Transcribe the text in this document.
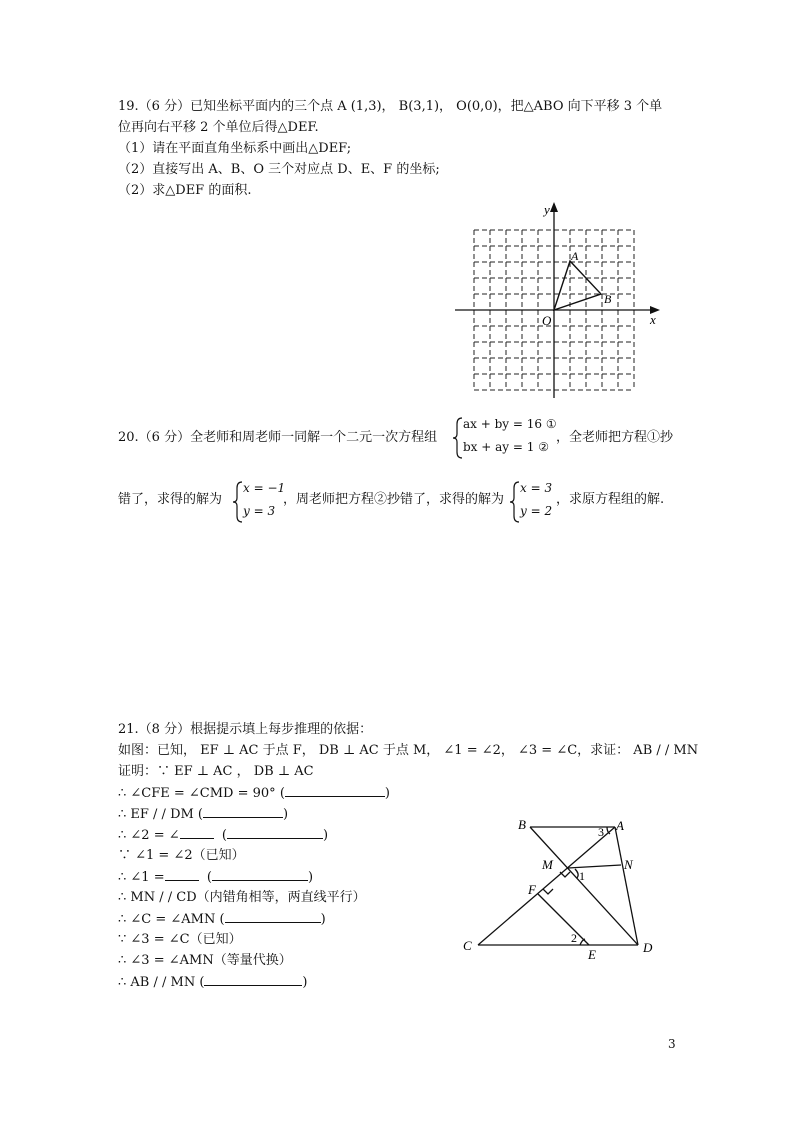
19.（6 分）已知坐标平面内的三个点 A (1,3)， B(3,1)， O(0,0)，把△ABO 向下平移 3 个单
位再向右平移 2 个单位后得△DEF.
（1）请在平面直角坐标系中画出△DEF;
（2）直接写出 A、B、O 三个对应点 D、E、F 的坐标;
（2）求△DEF 的面积.
y
x
O
A
B
20.（6 分）全老师和周老师一同解一个二元一次方程组
ax + by = 16 ①
bx + ay = 1 ②
，全老师把方程①抄
错了，求得的解为
x = −1
y = 3
，周老师把方程②抄错了，求得的解为
x = 3
y = 2
，求原方程组的解.
21.（8 分）根据提示填上每步推理的依据：
如图：已知， EF ⊥ AC 于点 F， DB ⊥ AC 于点 M， ∠1 = ∠2， ∠3 = ∠C，求证： AB / / MN
证明：∵ EF ⊥ AC ， DB ⊥ AC
∴ ∠CFE = ∠CMD = 90° (	)
∴ EF / / DM (	)
∴ ∠2 = ∠	(	)
∵ ∠1 = ∠2（已知）
∴ ∠1 =	(	)
∴ MN / / CD（内错角相等，两直线平行）
∴ ∠C = ∠AMN (	)
∵ ∠3 = ∠C（已知）
∴ ∠3 = ∠AMN（等量代换）
∴ AB / / MN (	)
B	A
3
M	N
1
F
2
C	D
E
3
